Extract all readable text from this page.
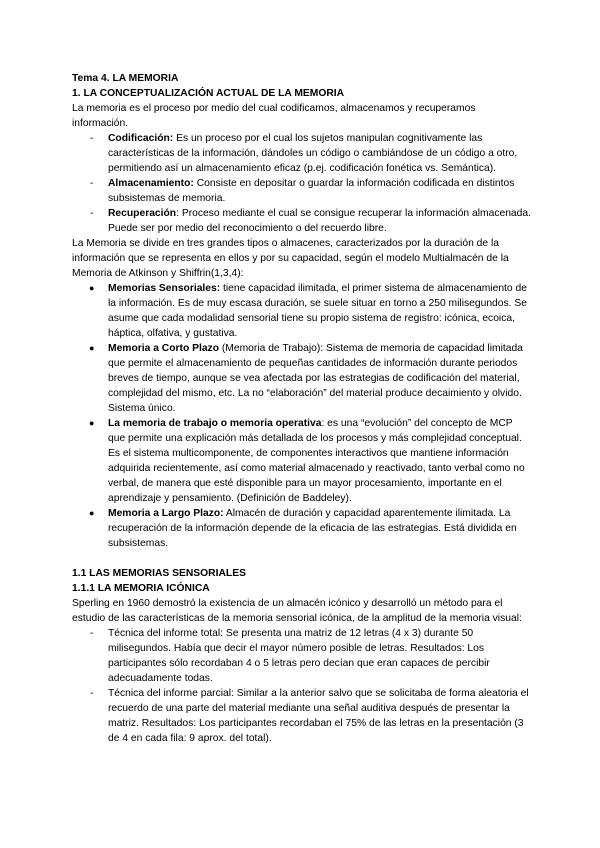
Tema 4. LA MEMORIA

1. LA CONCEPTUALIZACIÓN ACTUAL DE LA MEMORIA

La memoria es el proceso por medio del cual codificamos, almacenamos y recuperamos información.

- Codificación: Es un proceso por el cual los sujetos manipulan cognitivamente las características de la información, dándoles un código o cambiándose de un código a otro, permitiendo así un almacenamiento eficaz (p.ej. codificación fonética vs. Semántica).
- Almacenamiento: Consiste en depositar o guardar la información codificada en distintos subsistemas de memoria.
- Recuperación: Proceso mediante el cual se consigue recuperar la información almacenada. Puede ser por medio del reconocimiento o del recuerdo libre.

La Memoria se divide en tres grandes tipos o almacenes, caracterizados por la duración de la información que se representa en ellos y por su capacidad, según el modelo Multialmacén de la Memoria de Atkinson y Shiffrin(1,3,4):

● Memorias Sensoriales: tiene capacidad ilimitada, el primer sistema de almacenamiento de la información. Es de muy escasa duración, se suele situar en torno a 250 milisegundos. Se asume que cada modalidad sensorial tiene su propio sistema de registro: icónica, ecoica, háptica, olfativa, y gustativa.
● Memoria a Corto Plazo (Memoria de Trabajo): Sistema de memoria de capacidad limitada que permite el almacenamiento de pequeñas cantidades de información durante periodos breves de tiempo, aunque se vea afectada por las estrategias de codificación del material, complejidad del mismo, etc. La no “elaboración” del material produce decaimiento y olvido. Sistema único.
● La memoria de trabajo o memoria operativa: es una “evolución” del concepto de MCP que permite una explicación más detallada de los procesos y más complejidad conceptual. Es el sistema multicomponente, de componentes interactivos que mantiene información adquirida recientemente, así como material almacenado y reactivado, tanto verbal como no verbal, de manera que esté disponible para un mayor procesamiento, importante en el aprendizaje y pensamiento. (Definición de Baddeley).
● Memoria a Largo Plazo: Almacén de duración y capacidad aparentemente ilimitada. La recuperación de la información depende de la eficacia de las estrategias. Está dividida en subsistemas.

1.1 LAS MEMORIAS SENSORIALES

1.1.1 LA MEMORIA ICÓNICA

Sperling en 1960 demostró la existencia de un almacén icónico y desarrolló un método para el estudio de las características de la memoria sensorial icónica, de la amplitud de la memoria visual:

- Técnica del informe total: Se presenta una matriz de 12 letras (4 x 3) durante 50 milisegundos. Había que decir el mayor número posible de letras. Resultados: Los participantes sólo recordaban 4 o 5 letras pero decían que eran capaces de percibir adecuadamente todas.
- Técnica del informe parcial: Similar a la anterior salvo que se solicitaba de forma aleatoria el recuerdo de una parte del material mediante una señal auditiva después de presentar la matriz. Resultados: Los participantes recordaban el 75% de las letras en la presentación (3 de 4 en cada fila: 9 aprox. del total).
